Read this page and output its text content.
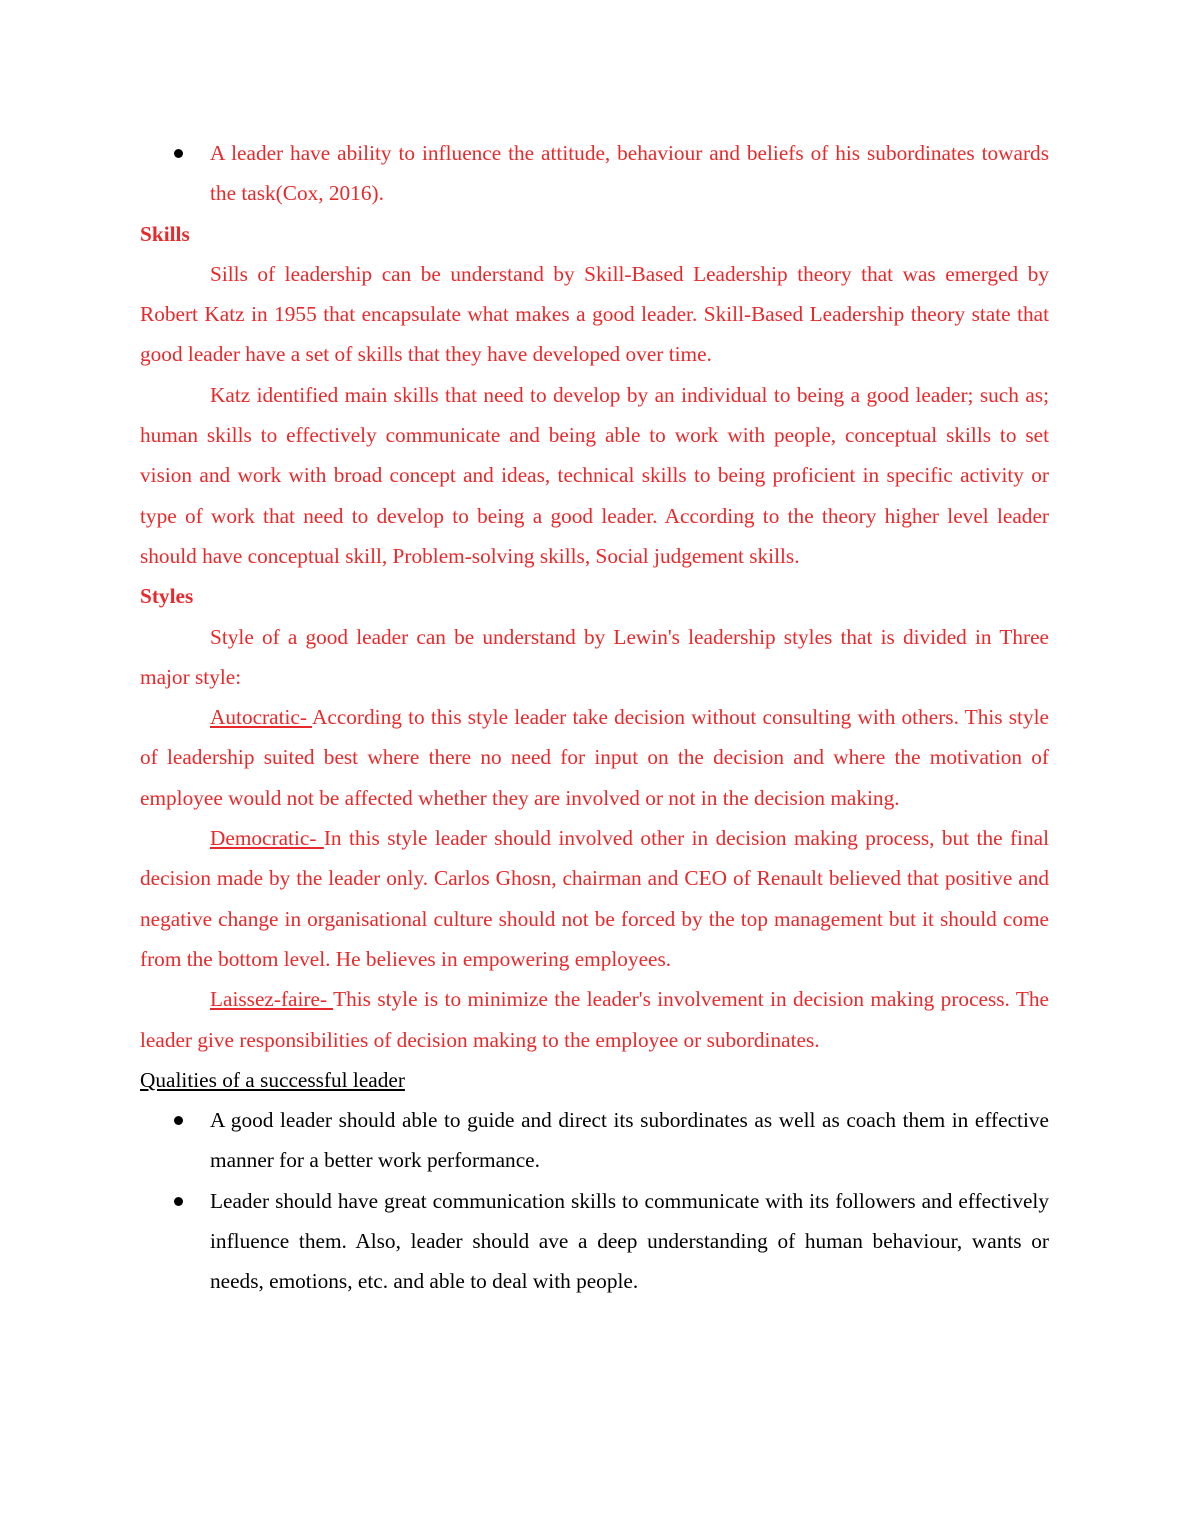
A leader have ability to influence the attitude, behaviour and beliefs of his subordinates towards the task(Cox, 2016).

Skills

Sills of leadership can be understand by Skill-Based Leadership theory that was emerged by Robert Katz in 1955 that encapsulate what makes a good leader. Skill-Based Leadership theory state that good leader have a set of skills that they have developed over time.

Katz identified main skills that need to develop by an individual to being a good leader; such as; human skills to effectively communicate and being able to work with people, conceptual skills to set vision and work with broad concept and ideas, technical skills to being proficient in specific activity or type of work that need to develop to being a good leader. According to the theory higher level leader should have conceptual skill, Problem-solving skills, Social judgement skills.

Styles

Style of a good leader can be understand by Lewin's leadership styles that is divided in Three major style:

Autocratic- According to this style leader take decision without consulting with others. This style of leadership suited best where there no need for input on the decision and where the motivation of employee would not be affected whether they are involved or not in the decision making.

Democratic- In this style leader should involved other in decision making process, but the final decision made by the leader only. Carlos Ghosn, chairman and CEO of Renault believed that positive and negative change in organisational culture should not be forced by the top management but it should come from the bottom level. He believes in empowering employees.

Laissez-faire- This style is to minimize the leader's involvement in decision making process. The leader give responsibilities of decision making to the employee or subordinates.

Qualities of a successful leader

A good leader should able to guide and direct its subordinates as well as coach them in effective manner for a better work performance.
Leader should have great communication skills to communicate with its followers and effectively influence them. Also, leader should ave a deep understanding of human behaviour, wants or needs, emotions, etc. and able to deal with people.
